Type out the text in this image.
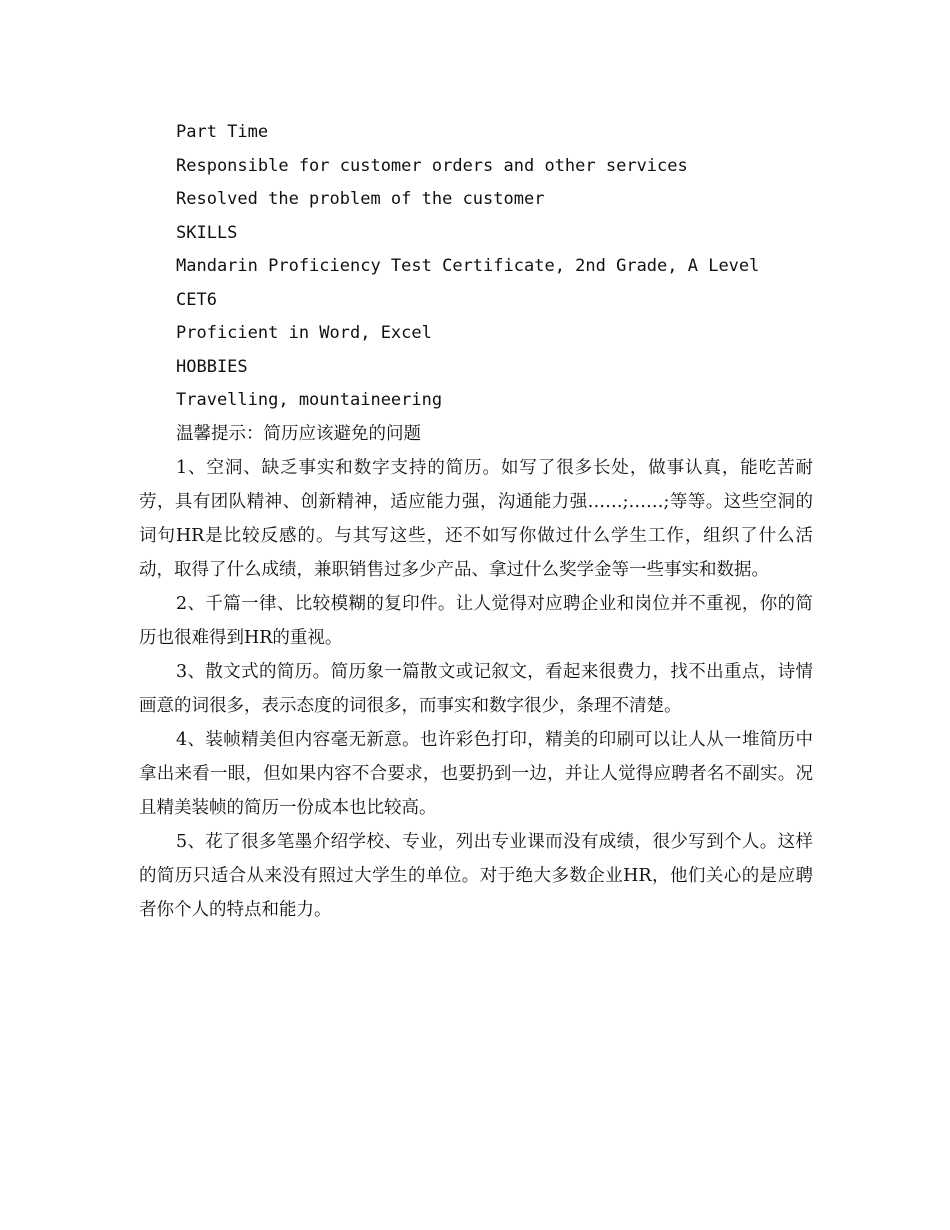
Part Time

Responsible for customer orders and other services

Resolved the problem of the customer

SKILLS

Mandarin Proficiency Test Certificate, 2nd Grade, A Level

CET6

Proficient in Word, Excel

HOBBIES

Travelling, mountaineering

温馨提示：简历应该避免的问题

1、空洞、缺乏事实和数字支持的简历。如写了很多长处，做事认真，能吃苦耐劳，具有团队精神、创新精神，适应能力强，沟通能力强……;……;等等。这些空洞的词句HR是比较反感的。与其写这些，还不如写你做过什么学生工作，组织了什么活动，取得了什么成绩，兼职销售过多少产品、拿过什么奖学金等一些事实和数据。

2、千篇一律、比较模糊的复印件。让人觉得对应聘企业和岗位并不重视，你的简历也很难得到HR的重视。

3、散文式的简历。简历象一篇散文或记叙文，看起来很费力，找不出重点，诗情画意的词很多，表示态度的词很多，而事实和数字很少，条理不清楚。

4、装帧精美但内容毫无新意。也许彩色打印，精美的印刷可以让人从一堆简历中拿出来看一眼，但如果内容不合要求，也要扔到一边，并让人觉得应聘者名不副实。况且精美装帧的简历一份成本也比较高。

5、花了很多笔墨介绍学校、专业，列出专业课而没有成绩，很少写到个人。这样的简历只适合从来没有照过大学生的单位。对于绝大多数企业HR，他们关心的是应聘者你个人的特点和能力。
